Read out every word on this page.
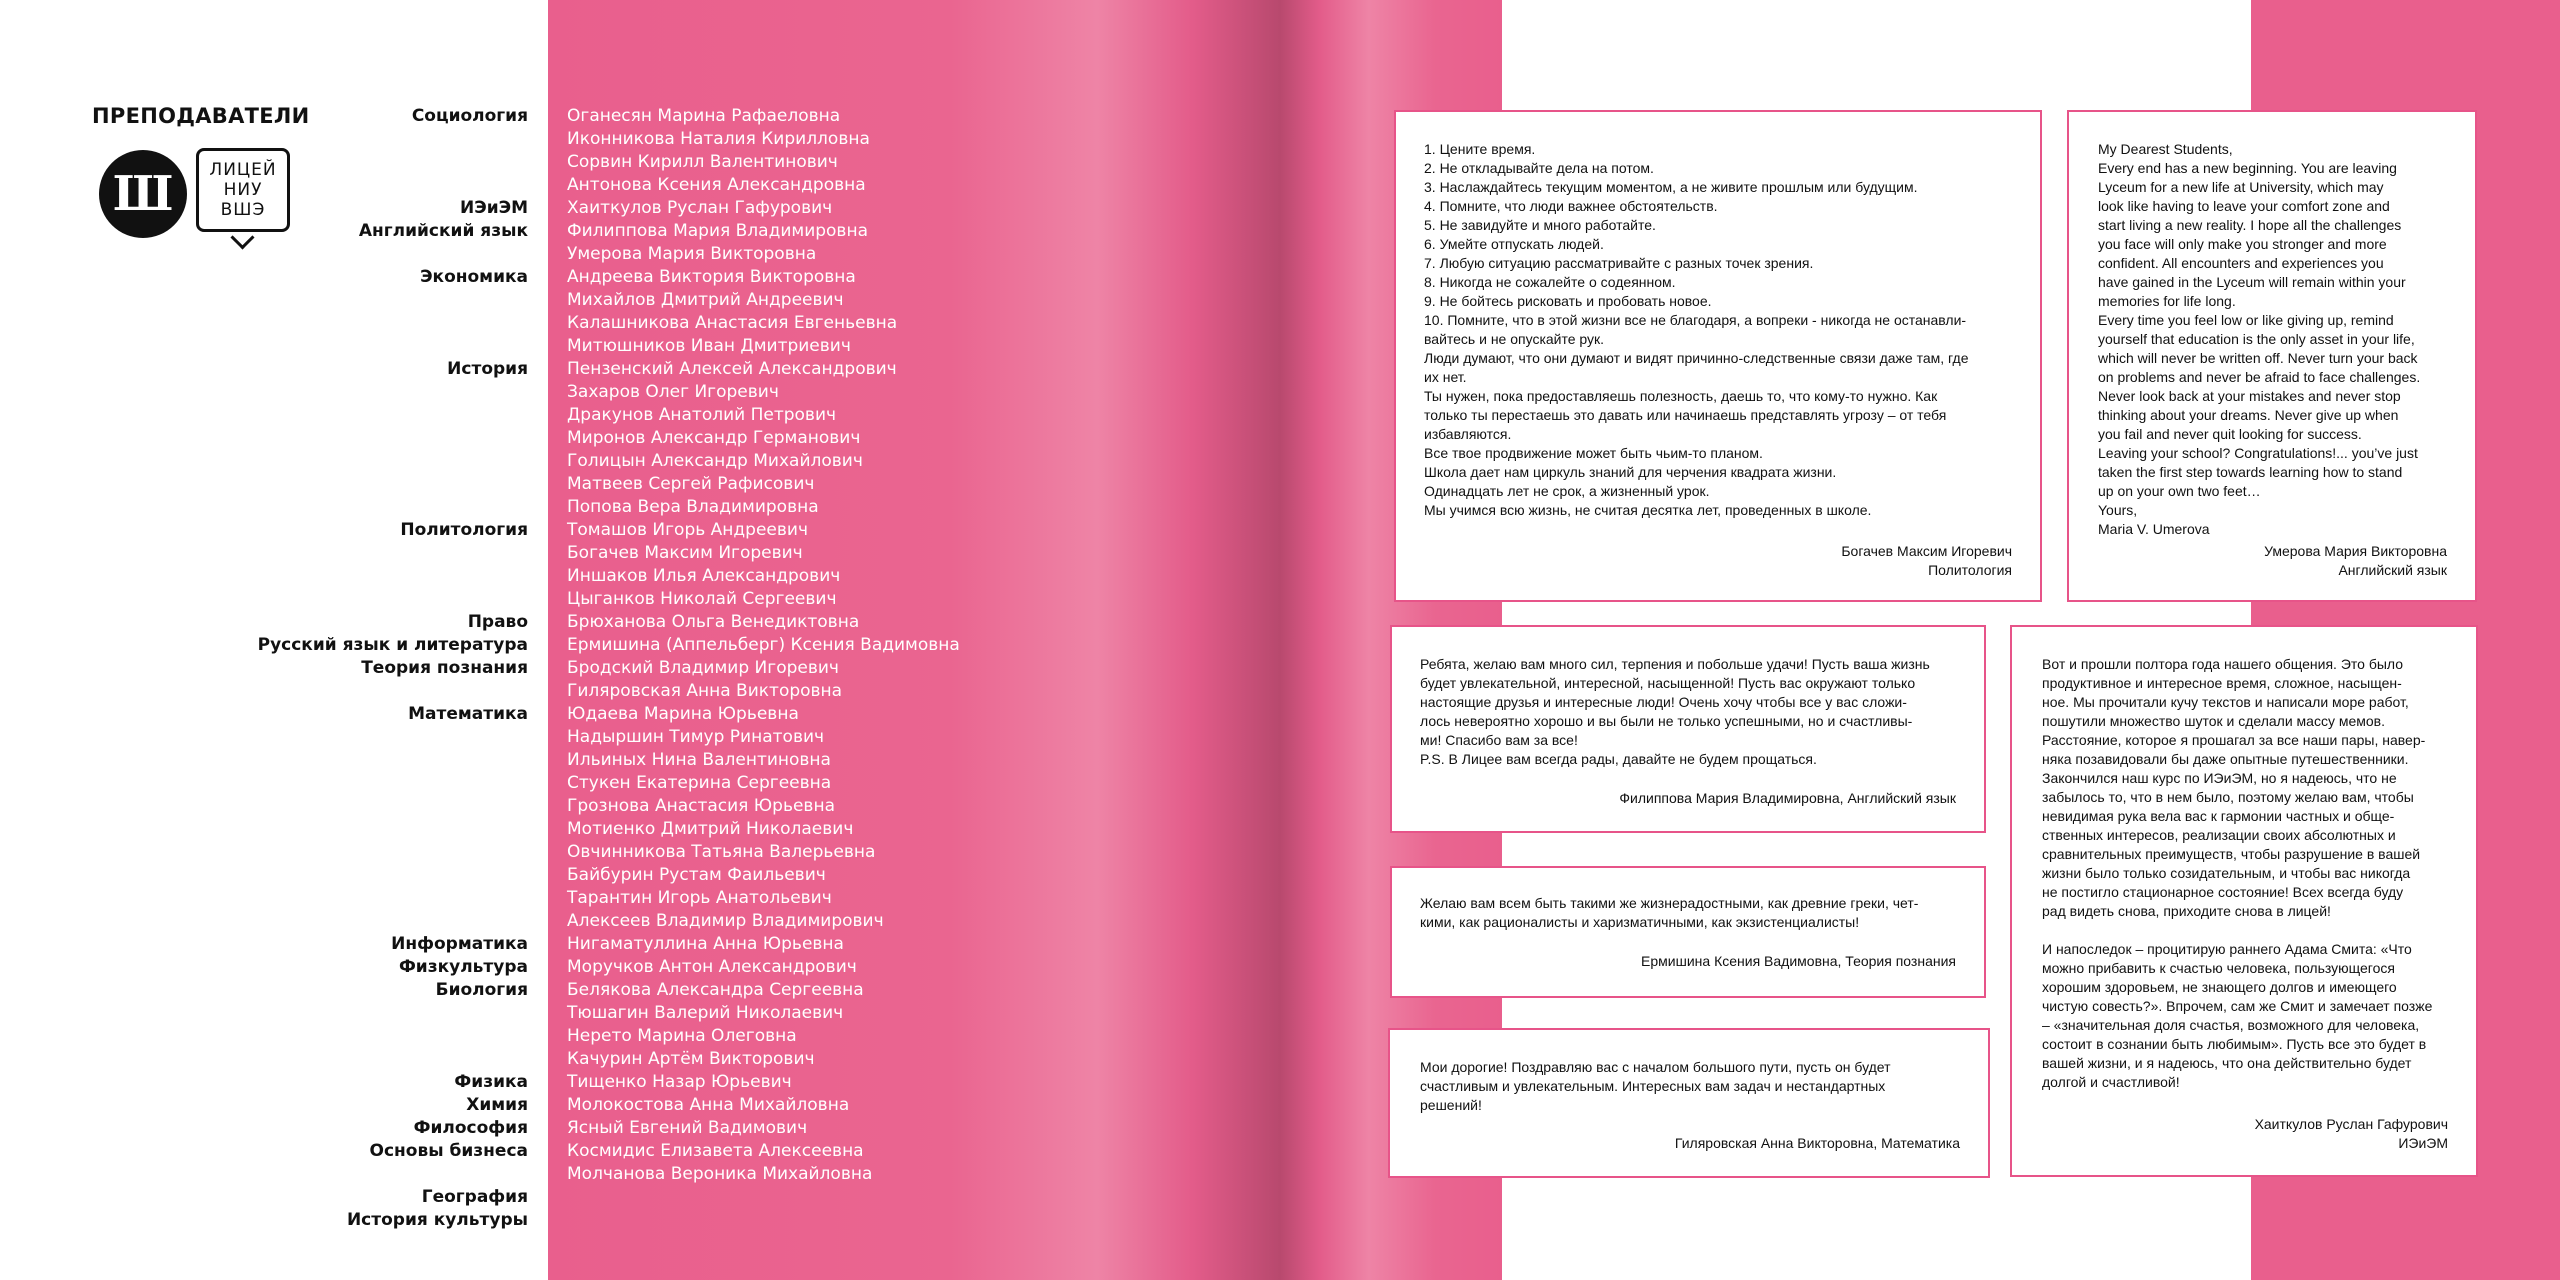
ПРЕПОДАВАТЕЛИ
Ш	ЛИЦЕЙ
НИУ
ВШЭ
Социология
ИЭиЭМ
Английский язык
Экономика
История
Политология
Право
Русский язык и литература
Теория познания
Математика
Информатика
Физкультура
Биология
Физика
Химия
Философия
Основы бизнеса
География
История культуры
Оганесян Марина Рафаеловна
Иконникова Наталия Кирилловна
Сорвин Кирилл Валентинович
Антонова Ксения Александровна
Хаиткулов Руслан Гафурович
Филиппова Мария Владимировна
Умерова Мария Викторовна
Андреева Виктория Викторовна
Михайлов Дмитрий Андреевич
Калашникова Анастасия Евгеньевна
Митюшников Иван Дмитриевич
Пензенский Алексей Александрович
Захаров Олег Игоревич
Дракунов Анатолий Петрович
Миронов Александр Германович
Голицын Александр Михайлович
Матвеев Сергей Рафисович
Попова Вера Владимировна
Томашов Игорь Андреевич
Богачев Максим Игоревич
Иншаков Илья Александрович
Цыганков Николай Сергеевич
Брюханова Ольга Венедиктовна
Ермишина (Аппельберг) Ксения Вадимовна
Бродский Владимир Игоревич
Гиляровская Анна Викторовна
Юдаева Марина Юрьевна
Надыршин Тимур Ринатович
Ильиных Нина Валентиновна
Стукен Екатерина Сергеевна
Грознова Анастасия Юрьевна
Мотиенко Дмитрий Николаевич
Овчинникова Татьяна Валерьевна
Байбурин Рустам Фаильевич
Тарантин Игорь Анатольевич
Алексеев Владимир Владимирович
Нигаматуллина Анна Юрьевна
Моручков Антон Александрович
Белякова Александра Сергеевна
Тюшагин Валерий Николаевич
Нерето Марина Олеговна
Качурин Артём Викторович
Тищенко Назар Юрьевич
Молокостова Анна Михайловна
Ясный Евгений Вадимович
Космидис Елизавета Алексеевна
Молчанова Вероника Михайловна
1. Цените время.
2. Не откладывайте дела на потом.
3. Наслаждайтесь текущим моментом, а не живите прошлым или будущим.
4. Помните, что люди важнее обстоятельств.
5. Не завидуйте и много работайте.
6. Умейте отпускать людей.
7. Любую ситуацию рассматривайте с разных точек зрения.
8. Никогда не сожалейте о содеянном.
9. Не бойтесь рисковать и пробовать новое.
10. Помните, что в этой жизни все не благодаря, а вопреки - никогда не останавли-
вайтесь и не опускайте рук.
Люди думают, что они думают и видят причинно-следственные связи даже там, где
их нет.
Ты нужен, пока предоставляешь полезность, даешь то, что кому-то нужно. Как
только ты перестаешь это давать или начинаешь представлять угрозу – от тебя
избавляются.
Все твое продвижение может быть чьим-то планом.
Школа дает нам циркуль знаний для черчения квадрата жизни.
Одинадцать лет не срок, а жизненный урок.
Мы учимся всю жизнь, не считая десятка лет, проведенных в школе.
Богачев Максим Игоревич
Политология
My Dearest Students,
Every end has a new beginning. You are leaving
Lyceum for a new life at University, which may
look like having to leave your comfort zone and
start living a new reality. I hope all the challenges
you face will only make you stronger and more
confident. All encounters and experiences you
have gained in the Lyceum will remain within your
memories for life long.
Every time you feel low or like giving up, remind
yourself that education is the only asset in your life,
which will never be written off. Never turn your back
on problems and never be afraid to face challenges.
Never look back at your mistakes and never stop
thinking about your dreams. Never give up when
you fail and never quit looking for success.
Leaving your school? Congratulations!... you’ve just
taken the first step towards learning how to stand
up on your own two feet…
Yours,
Maria V. Umerova
Умерова Мария Викторовна
Английский язык
Ребята, желаю вам много сил, терпения и побольше удачи! Пусть ваша жизнь
будет увлекательной, интересной, насыщенной! Пусть вас окружают только
настоящие друзья и интересные люди! Очень хочу чтобы все у вас сложи-
лось невероятно хорошо и вы были не только успешными, но и счастливы-
ми! Спасибо вам за все!
P.S. В Лицее вам всегда рады, давайте не будем прощаться.
Филиппова Мария Владимировна, Английский язык
Желаю вам всем быть такими же жизнерадостными, как древние греки, чет-
кими, как рационалисты и харизматичными, как экзистенциалисты!
Ермишина Ксения Вадимовна, Теория познания
Мои дорогие! Поздравляю вас с началом большого пути, пусть он будет
счастливым и увлекательным. Интересных вам задач и нестандартных
решений!
Гиляровская Анна Викторовна, Математика
Вот и прошли полтора года нашего общения. Это было
продуктивное и интересное время, сложное, насыщен-
ное. Мы прочитали кучу текстов и написали море работ,
пошутили множество шуток и сделали массу мемов.
Расстояние, которое я прошагал за все наши пары, навер-
няка позавидовали бы даже опытные путешественники.
Закончился наш курс по ИЭиЭМ, но я надеюсь, что не
забылось то, что в нем было, поэтому желаю вам, чтобы
невидимая рука вела вас к гармонии частных и обще-
ственных интересов, реализации своих абсолютных и
сравнительных преимуществ, чтобы разрушение в вашей
жизни было только созидательным, и чтобы вас никогда
не постигло стационарное состояние! Всех всегда буду
рад видеть снова, приходите снова в лицей!

И напоследок – процитирую раннего Адама Смита: «Что
можно прибавить к счастью человека, пользующегося
хорошим здоровьем, не знающего долгов и имеющего
чистую совесть?». Впрочем, сам же Смит и замечает позже
– «значительная доля счастья, возможного для человека,
состоит в сознании быть любимым». Пусть все это будет в
вашей жизни, и я надеюсь, что она действительно будет
долгой и счастливой!
Хаиткулов Руслан Гафурович
ИЭиЭМ
